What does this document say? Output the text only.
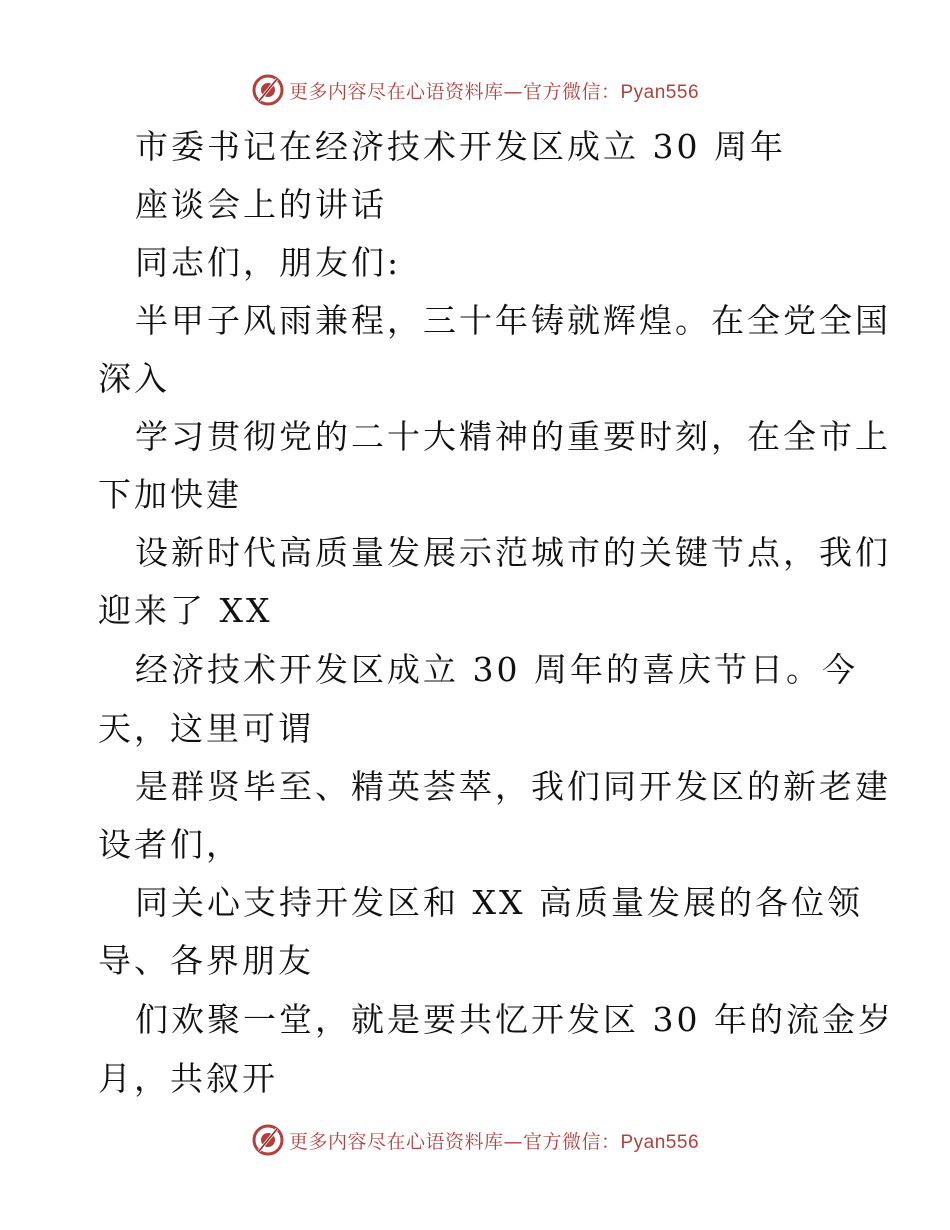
更多内容尽在心语资料库—官方微信：Pyan556
市委书记在经济技术开发区成立 30 周年
座谈会上的讲话
同志们，朋友们:
半甲子风雨兼程，三十年铸就辉煌。在全党全国
深入
学习贯彻党的二十大精神的重要时刻，在全市上
下加快建
设新时代高质量发展示范城市的关键节点，我们
迎来了 XX
经济技术开发区成立 30 周年的喜庆节日。今
天，这里可谓
是群贤毕至、精英荟萃，我们同开发区的新老建
设者们，
同关心支持开发区和 XX 高质量发展的各位领
导、各界朋友
们欢聚一堂，就是要共忆开发区 30 年的流金岁
月，共叙开
更多内容尽在心语资料库—官方微信：Pyan556
